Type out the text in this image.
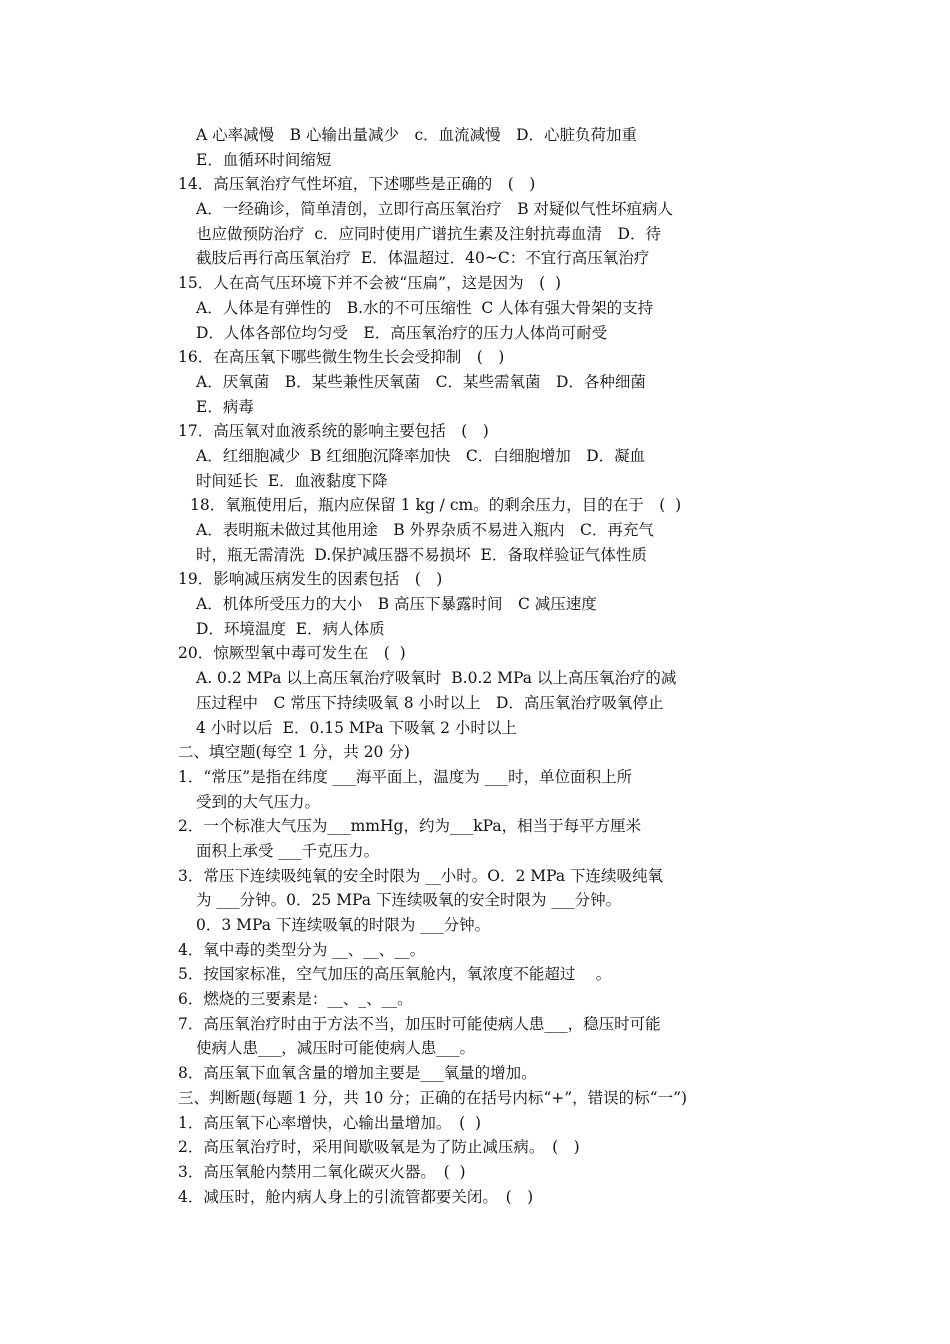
A 心率减慢　B 心输出量减少　c．血流减慢　D．心脏负荷加重
E．血循环时间缩短
14．高压氧治疗气性坏疽，下述哪些是正确的　(　)
A．一经确诊，简单清创，立即行高压氧治疗　B 对疑似气性坏疽病人
也应做预防治疗  c．应同时使用广谱抗生素及注射抗毒血清　D．待
截肢后再行高压氧治疗  E．体温超过．40~C：不宜行高压氧治疗
15．人在高气压环境下并不会被“压扁”，这是因为　(  )
A．人体是有弹性的　B.水的不可压缩性  C 人体有强大骨架的支持
D．人体各部位均匀受　E．高压氧治疗的压力人体尚可耐受
16．在高压氧下哪些微生物生长会受抑制　(　)
A．厌氧菌　B．某些兼性厌氧菌　C．某些需氧菌　D．各种细菌
E．病毒
17．高压氧对血液系统的影响主要包括　(　)
A．红细胞减少  B 红细胞沉降率加快　C．白细胞增加　D．凝血
时间延长  E．血液黏度下降
18．氧瓶使用后，瓶内应保留 1 kg / cm。的剩余压力，目的在于　(  )
A．表明瓶未做过其他用途　B 外界杂质不易进入瓶内　C．再充气
时，瓶无需清洗  D.保护减压器不易损坏  E．备取样验证气体性质
19．影响减压病发生的因素包括　(　)
A．机体所受压力的大小　B 高压下暴露时间　C 减压速度
D．环境温度  E．病人体质
20．惊厥型氧中毒可发生在　(  )
A. 0.2 MPa 以上高压氧治疗吸氧时  B.0.2 MPa 以上高压氧治疗的减
压过程中　C 常压下持续吸氧 8 小时以上　D．高压氧治疗吸氧停止
4 小时以后  E．0.15 MPa 下吸氧 2 小时以上
二、填空题(每空 1 分，共 20 分)
1．“常压”是指在纬度 ___海平面上，温度为 ___时，单位面积上所
受到的大气压力。
2．一个标准大气压为___mmHg，约为___kPa，相当于每平方厘米
面积上承受 ___千克压力。
3．常压下连续吸纯氧的安全时限为 __小时。O．2 MPa 下连续吸纯氧
为 ___分钟。0．25 MPa 下连续吸氧的安全时限为 ___分钟。
0．3 MPa 下连续吸氧的时限为 ___分钟。
4．氧中毒的类型分为 __、__、__。
5．按国家标准，空气加压的高压氧舱内，氧浓度不能超过　 。
6．燃烧的三要素是：__、_、__。
7．高压氧治疗时由于方法不当，加压时可能使病人患___，稳压时可能
使病人患___，减压时可能使病人患___。
8．高压氧下血氧含量的增加主要是___氧量的增加。
三、判断题(每题 1 分，共 10 分；正确的在括号内标“+”，错误的标“一”)
1．高压氧下心率增快，心输出量增加。　(  )
2．高压氧治疗时，采用间歇吸氧是为了防止减压病。　(　)
3．高压氧舱内禁用二氧化碳灭火器。　(  )
4．减压时，舱内病人身上的引流管都要关闭。　(　)
